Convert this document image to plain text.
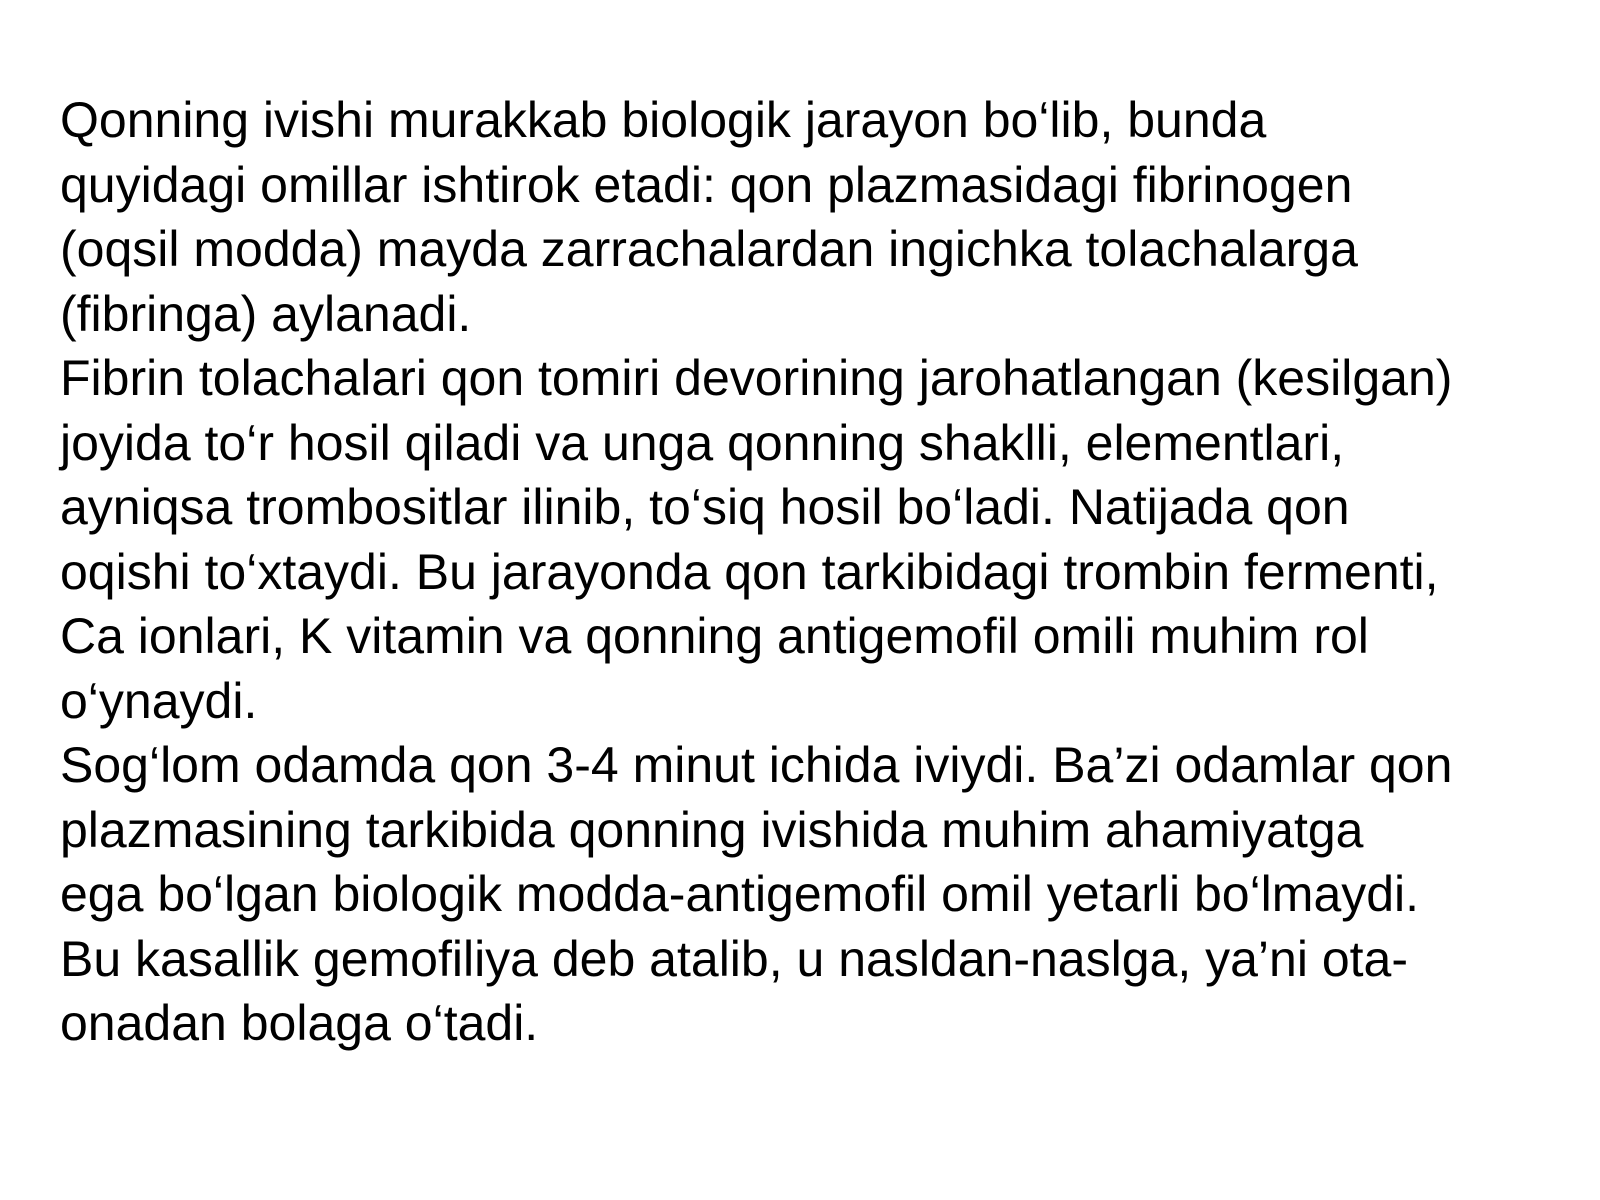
Qonning ivishi murakkab biologik jarayon bo‘lib, bunda
quyidagi omillar ishtirok etadi: qon plazmasidagi fibrinogen
(oqsil modda) mayda zarrachalardan ingichka tolachalarga
(fibringa) aylanadi.
Fibrin tolachalari qon tomiri devorining jarohatlangan (kesilgan)
joyida to‘r hosil qiladi va unga qonning shaklli, elementlari,
ayniqsa trombositlar ilinib, to‘siq hosil bo‘ladi. Natijada qon
oqishi to‘xtaydi. Bu jarayonda qon tarkibidagi trombin fermenti,
Ca ionlari, K vitamin va qonning antigemofil omili muhim rol
o‘ynaydi.
Sog‘lom odamda qon 3-4 minut ichida iviydi. Ba’zi odamlar qon
plazmasining tarkibida qonning ivishida muhim ahamiyatga
ega bo‘lgan biologik modda-antigemofil omil yetarli bo‘lmaydi.
Bu kasallik gemofiliya deb atalib, u nasldan-naslga, ya’ni ota-
onadan bolaga o‘tadi.
